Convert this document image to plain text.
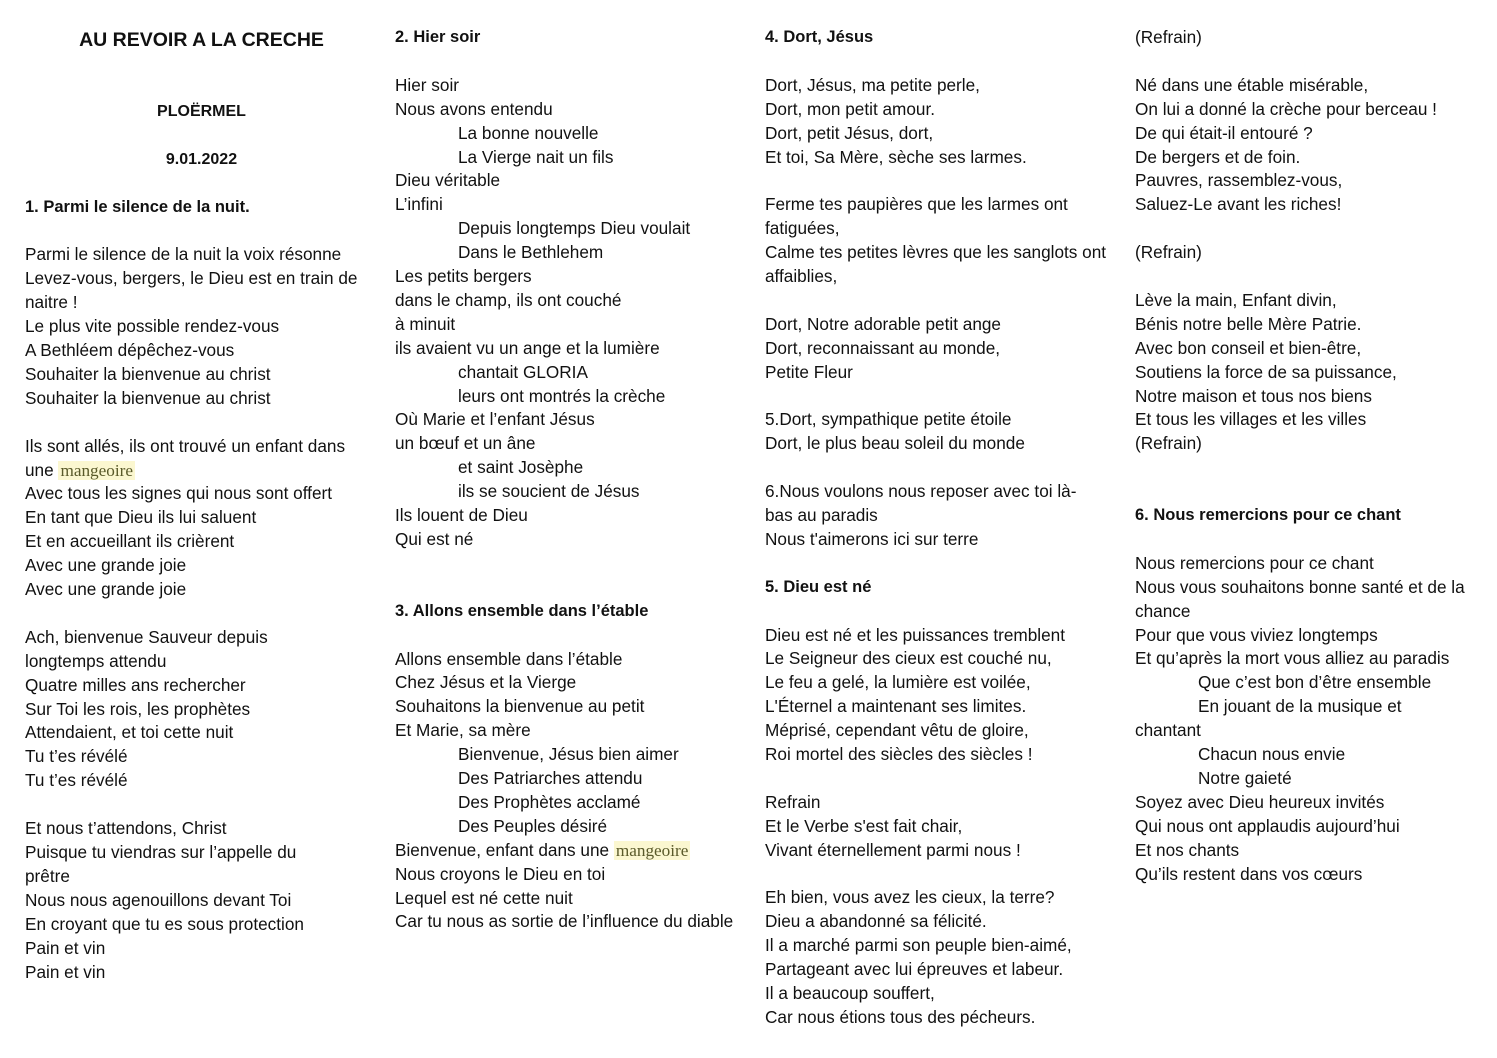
AU REVOIR A LA CRECHE
PLOËRMEL
9.01.2022
1. Parmi le silence de la nuit.
Parmi le silence de la nuit la voix résonne
Levez-vous, bergers, le Dieu est en train de naitre !
Le plus vite possible rendez-vous
A Bethléem dépêchez-vous
Souhaiter la bienvenue au christ
Souhaiter la bienvenue au christ
Ils sont allés, ils ont trouvé un enfant dans une mangeoire
Avec tous les signes qui nous sont offert
En tant que Dieu ils lui saluent
Et en accueillant ils crièrent
Avec une grande joie
Avec une grande joie
Ach, bienvenue Sauveur depuis longtemps attendu
Quatre milles ans rechercher
Sur Toi les rois, les prophètes
Attendaient, et toi cette nuit
Tu t’es révélé
Tu t’es révélé
Et nous t’attendons, Christ
Puisque tu viendras sur l’appelle du prêtre
Nous nous agenouillons devant Toi
En croyant que tu es sous protection
Pain et vin
Pain et vin
2. Hier soir
Hier soir
Nous avons entendu
La bonne nouvelle
La Vierge nait un fils
Dieu véritable
L’infini
Depuis longtemps Dieu voulait
Dans le Bethlehem
Les petits bergers
dans le champ, ils ont couché
à minuit
ils avaient vu un ange et la lumière
chantait GLORIA
leurs ont montrés la crèche
Où Marie et l’enfant Jésus
un bœuf et un âne
et saint Josèphe
ils se soucient de Jésus
Ils louent de Dieu
Qui est né
3. Allons ensemble dans l’étable
Allons ensemble dans l’étable
Chez Jésus et la Vierge
Souhaitons la bienvenue au petit
Et Marie, sa mère
Bienvenue, Jésus bien aimer
Des Patriarches attendu
Des Prophètes acclamé
Des Peuples désiré
Bienvenue, enfant dans une mangeoire
Nous croyons le Dieu en toi
Lequel est né cette nuit
Car tu nous as sortie de l’influence du diable
4. Dort, Jésus
Dort, Jésus, ma petite perle,
Dort, mon petit amour.
Dort, petit Jésus, dort,
Et toi, Sa Mère, sèche ses larmes.
Ferme tes paupières que les larmes ont fatiguées,
Calme tes petites lèvres que les sanglots ont affaiblies,
Dort, Notre adorable petit ange
Dort, reconnaissant au monde,
Petite Fleur
5.Dort, sympathique petite étoile
Dort, le plus beau soleil du monde
6.Nous voulons nous reposer avec toi là-bas au paradis
Nous t'aimerons ici sur terre
5. Dieu est né
Dieu est né et les puissances tremblent
Le Seigneur des cieux est couché nu,
Le feu a gelé, la lumière est voilée,
L'Éternel a maintenant ses limites.
Méprisé, cependant vêtu de gloire,
Roi mortel des siècles des siècles !
Refrain
Et le Verbe s'est fait chair,
Vivant éternellement parmi nous !
Eh bien, vous avez les cieux, la terre?
Dieu a abandonné sa félicité.
Il a marché parmi son peuple bien-aimé,
Partageant avec lui épreuves et labeur.
Il a beaucoup souffert,
Car nous étions tous des pécheurs.
(Refrain)
Né dans une étable misérable,
On lui a donné la crèche pour berceau !
De qui était-il entouré ?
De bergers et de foin.
Pauvres, rassemblez-vous,
Saluez-Le avant les riches!
(Refrain)
Lève la main, Enfant divin,
Bénis notre belle Mère Patrie.
Avec bon conseil et bien-être,
Soutiens la force de sa puissance,
Notre maison et tous nos biens
Et tous les villages et les villes
(Refrain)
6. Nous remercions pour ce chant
Nous remercions pour ce chant
Nous vous souhaitons bonne santé et de la chance
Pour que vous viviez longtemps
Et qu’après la mort vous alliez au paradis
Que c’est bon d’être ensemble
En jouant de la musique et
chantant
Chacun nous envie
Notre gaieté
Soyez avec Dieu heureux invités
Qui nous ont applaudis aujourd’hui
Et nos chants
Qu’ils restent dans vos cœurs
